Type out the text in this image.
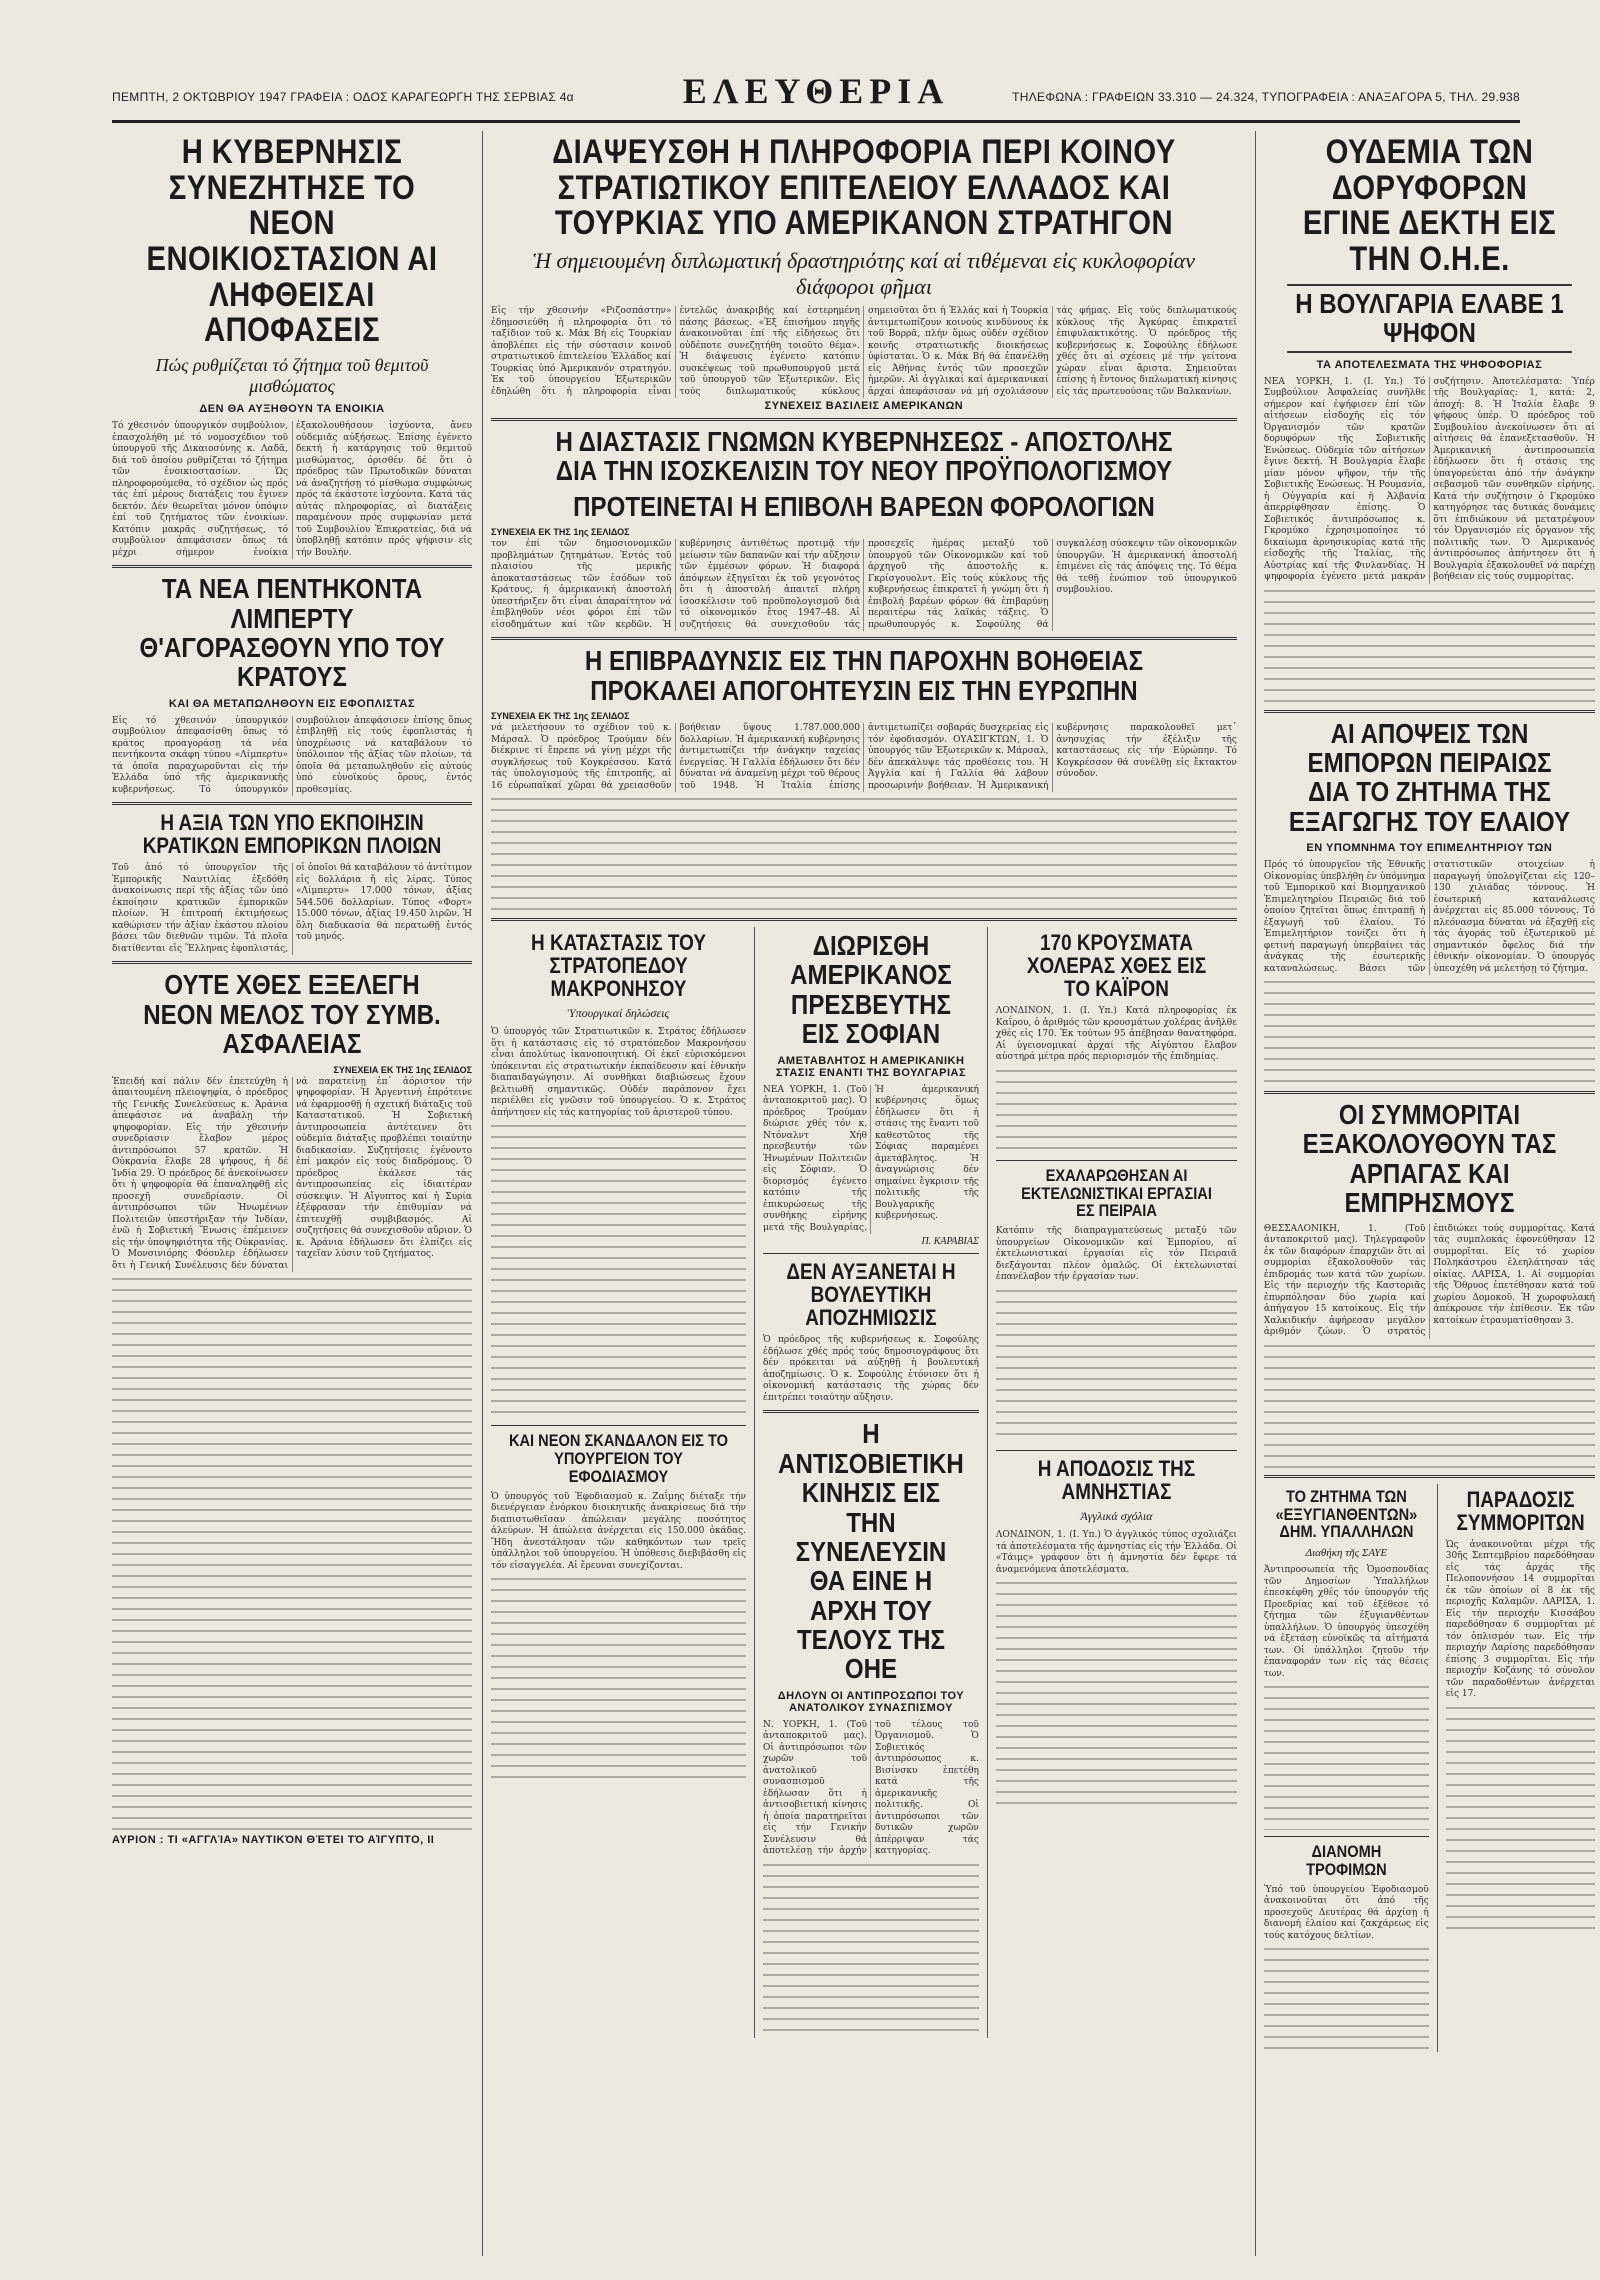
ΠΕΜΠΤΗ, 2 ΟΚΤΩΒΡΙΟΥ 1947 ΓΡΑΦΕΙΑ : ΟΔΟΣ ΚΑΡΑΓΕΩΡΓΗ ΤΗΣ ΣΕΡΒΙΑΣ 4α	ΕΛΕΥΘΕΡΙΑ	ΤΗΛΕΦΩΝΑ : ΓΡΑΦΕΙΩΝ 33.310 — 24.324, ΤΥΠΟΓΡΑΦΕΙΑ : ΑΝΑΞΑΓΟΡΑ 5, ΤΗΛ. 29.938
Η ΚΥΒΕΡΝΗΣΙΣ ΣΥΝΕΖΗΤΗΣΕ ΤΟ ΝΕΟΝ ΕΝΟΙΚΙΟΣΤΑΣΙΟΝ ΑΙ ΛΗΦΘΕΙΣΑΙ ΑΠΟΦΑΣΕΙΣ
Πώς ρυθμίζεται τό ζήτημα τοῦ θεμιτοῦ μισθώματος
ΔΕΝ ΘΑ ΑΥΞΗΘΟΥΝ ΤΑ ΕΝΟΙΚΙΑ

Τό χθεσινόν ὑπουργικόν συμβούλιον, ἐπασχολήθη μέ τό νομοσχέδιον τοῦ ὑπουργοῦ τῆς Δικαιοσύνης κ. Λαδᾶ, διά τοῦ ὁποίου ρυθμίζεται τό ζήτημα τῶν ἐνοικιοστασίων. Ὡς πληροφορούμεθα, τό σχέδιον ὡς πρός τάς ἐπί μέρους διατάξεις του ἔγινεν δεκτόν. Δέν θεωρεῖται μόνον ὑπόψιν ἐπί τοῦ ζητήματος τῶν ἐνοικίων. Κατόπιν μακρᾶς συζητήσεως, τό συμβούλιον ἀπεφάσισεν ὅπως τά μέχρι σήμερον ἐνοίκια ἐξακολουθήσουν ἰσχύοντα, ἄνευ οὐδεμιᾶς αὐξήσεως. Ἐπίσης ἐγένετο δεκτή ἡ κατάργησις τοῦ θεμιτοῦ μισθώματος, ὁρισθέν δέ ὅτι ὁ πρόεδρος τῶν Πρωτοδικῶν δύναται νά ἀναζητήσῃ τό μίσθωμα συμφώνως πρός τά ἐκάστοτε ἰσχύοντα. Κατά τάς αὐτάς πληροφορίας, αἱ διατάξεις παραμένουν πρός συμφωνίαν μετά τοῦ Συμβουλίου Ἐπικρατείας, διά νά ὑποβληθῇ κατόπιν πρός ψήφισιν εἰς τήν Βουλήν.

ΤΑ ΝΕΑ ΠΕΝΤΗΚΟΝΤΑ ΛΙΜΠΕΡΤΥ Θ'ΑΓΟΡΑΣΘΟΥΝ ΥΠΟ ΤΟΥ ΚΡΑΤΟΥΣ
ΚΑΙ ΘΑ ΜΕΤΑΠΩΛΗΘΟΥΝ ΕΙΣ ΕΦΟΠΛΙΣΤΑΣ

Εἰς τό χθεσινόν ὑπουργικόν συμβούλιον ἀπεφασίσθη ὅπως τό κράτος προαγοράσῃ τά νέα πεντήκοντα σκάφη τύπου «Λίμπερτυ» τά ὁποῖα παραχωροῦνται εἰς τήν Ἑλλάδα ὑπό τῆς ἀμερικανικῆς κυβερνήσεως. Τό ὑπουργικόν συμβούλιον ἀπεφάσισεν ἐπίσης ὅπως ἐπιβληθῇ εἰς τούς ἐφοπλιστάς ἡ ὑποχρέωσις νά καταβάλουν τό ὑπόλοιπον τῆς ἀξίας τῶν πλοίων, τά ὁποῖα θά μεταπωληθοῦν εἰς αὐτούς ὑπό εὐνοϊκούς ὅρους, ἐντός προθεσμίας.

Η ΑΞΙΑ ΤΩΝ ΥΠΟ ΕΚΠΟΙΗΣΙΝ ΚΡΑΤΙΚΩΝ ΕΜΠΟΡΙΚΩΝ ΠΛΟΙΩΝ

Τοῦ ἀπό τό ὑπουργεῖον τῆς Ἐμπορικῆς Ναυτιλίας ἐξεδόθη ἀνακοίνωσις περί τῆς ἀξίας τῶν ὑπό ἐκποίησιν κρατικῶν ἐμπορικῶν πλοίων. Ἡ ἐπιτροπή ἐκτιμήσεως καθώρισεν τήν ἀξίαν ἑκάστου πλοίου βάσει τῶν διεθνῶν τιμῶν. Τά πλοῖα διατίθενται εἰς Ἕλληνας ἐφοπλιστάς, οἱ ὁποῖοι θά καταβάλουν τό ἀντίτιμον εἰς δολλάρια ἤ εἰς λίρας. Τύπος «Λίμπερτυ» 17.000 τόνων, ἀξίας 544.506 δολλαρίων. Τύπος «Φορτ» 15.000 τόνων, ἀξίας 19.450 λιρῶν. Ἡ ὅλη διαδικασία θά περατωθῇ ἐντός τοῦ μηνός.

ΟΥΤΕ ΧΘΕΣ ΕΞΕΛΕΓΗ ΝΕΟΝ ΜΕΛΟΣ ΤΟΥ ΣΥΜΒ. ΑΣΦΑΛΕΙΑΣ
ΣΥΝΕΧΕΙΑ ΕΚ ΤΗΣ 1ης ΣΕΛΙΔΟΣ

Ἐπειδή καί πάλιν δέν ἐπετεύχθη ἡ ἀπαιτουμένη πλειοψηφία, ὁ πρόεδρος τῆς Γενικῆς Συνελεύσεως κ. Ἀράνια ἀπεφάσισε νά ἀναβάλῃ τήν ψηφοφορίαν. Εἰς τήν χθεσινήν συνεδρίασιν ἔλαβον μέρος ἀντιπρόσωποι 57 κρατῶν. Ἡ Οὐκρανία ἔλαβε 28 ψήφους, ἡ δέ Ἰνδία 29. Ὁ πρόεδρος δέ ἀνεκοίνωσεν ὅτι ἡ ψηφοφορία θά ἐπαναληφθῇ εἰς προσεχῆ συνεδρίασιν. Οἱ ἀντιπρόσωποι τῶν Ἡνωμένων Πολιτειῶν ὑπεστήριξαν τήν Ἰνδίαν, ἐνῶ ἡ Σοβιετική Ἕνωσις ἐπέμεινεν εἰς τήν ὑποψηφιότητα τῆς Οὐκρανίας. Ὁ Μονσινιόρης Φόουλερ ἐδήλωσεν ὅτι ἡ Γενική Συνέλευσις δέν δύναται νά παρατείνῃ ἐπ᾽ ἀόριστον τήν ψηφοφορίαν. Ἡ Ἀργεντινή ἐπρότεινε νά ἐφαρμοσθῇ ἡ σχετική διάταξις τοῦ Καταστατικοῦ. Ἡ Σοβιετική ἀντιπροσωπεία ἀντέτεινεν ὅτι οὐδεμία διάταξις προβλέπει τοιαύτην διαδικασίαν. Συζητήσεις ἐγένοντο ἐπί μακρόν εἰς τούς διαδρόμους. Ὁ πρόεδρος ἐκάλεσε τάς ἀντιπροσωπείας εἰς ἰδιαιτέραν σύσκεψιν. Ἡ Αἴγυπτος καί ἡ Συρία ἐξέφρασαν τήν ἐπιθυμίαν νά ἐπιτευχθῇ συμβιβασμός. Αἱ συζητήσεις θά συνεχισθοῦν αὔριον. Ὁ κ. Ἀράνια ἐδήλωσεν ὅτι ἐλπίζει εἰς ταχεῖαν λύσιν τοῦ ζητήματος.

ΑΥΡΙΟΝ : ΤΙ «ΑΓΓΛΊΑ» ΝΑΥΤΙΚΌΝ ΘΈΤΕΙ ΤΌ ΑἸΓΥΠΤΟ, II
ΔΙΑΨΕΥΣΘΗ Η ΠΛΗΡΟΦΟΡΙΑ ΠΕΡΙ ΚΟΙΝΟΥ ΣΤΡΑΤΙΩΤΙΚΟΥ ΕΠΙΤΕΛΕΙΟΥ ΕΛΛΑΔΟΣ ΚΑΙ ΤΟΥΡΚΙΑΣ ΥΠΟ ΑΜΕΡΙΚΑΝΟΝ ΣΤΡΑΤΗΓΟΝ
Ἡ σημειουμένη διπλωματική δραστηριότης καί αἱ τιθέμεναι εἰς κυκλοφορίαν διάφοροι φῆμαι

Εἰς τήν χθεσινήν «Ριζοσπάστην» ἐδημοσιεύθη ἡ πληροφορία ὅτι τό ταξίδιον τοῦ κ. Μάκ Βή εἰς Τουρκίαν ἀποβλέπει εἰς τήν σύστασιν κοινοῦ στρατιωτικοῦ ἐπιτελείου Ἑλλάδος καί Τουρκίας ὑπό Ἀμερικανόν στρατηγόν. Ἐκ τοῦ ὑπουργείου Ἐξωτερικῶν ἐδηλώθη ὅτι ἡ πληροφορία εἶναι ἐντελῶς ἀνακριβής καί ἐστερημένη πάσης βάσεως. «Ἐξ ἐπισήμου πηγῆς ἀνακοινοῦται ἐπί τῆς εἰδήσεως ὅτι οὐδέποτε συνεζητήθη τοιοῦτο θέμα». Ἡ διάψευσις ἐγένετο κατόπιν συσκέψεως τοῦ πρωθυπουργοῦ μετά τοῦ ὑπουργοῦ τῶν Ἐξωτερικῶν. Εἰς τούς διπλωματικούς κύκλους σημειοῦται ὅτι ἡ Ἑλλάς καί ἡ Τουρκία ἀντιμετωπίζουν κοινούς κινδύνους ἐκ τοῦ Βορρᾶ, πλήν ὅμως οὐδέν σχέδιον κοινῆς στρατιωτικῆς διοικήσεως ὑφίσταται. Ὁ κ. Μάκ Βή θά ἐπανέλθῃ εἰς Ἀθήνας ἐντός τῶν προσεχῶν ἡμερῶν. Αἱ ἀγγλικαί καί ἀμερικανικαί ἀρχαί ἀπεφάσισαν νά μή σχολιάσουν τάς φήμας. Εἰς τούς διπλωματικούς κύκλους τῆς Ἀγκύρας ἐπικρατεῖ ἐπιφυλακτικότης. Ὁ πρόεδρος τῆς κυβερνήσεως κ. Σοφούλης ἐδήλωσε χθές ὅτι αἱ σχέσεις μέ τήν γείτονα χώραν εἶναι ἄριστα. Σημειοῦται ἐπίσης ἡ ἔντονος διπλωματική κίνησις εἰς τάς πρωτευούσας τῶν Βαλκανίων.

ΣΥΝΕΧΕΙΣ ΒΑΣΙΛΕΙΣ ΑΜΕΡΙΚΑΝΩΝ
Η ΔΙΑΣΤΑΣΙΣ ΓΝΩΜΩΝ ΚΥΒΕΡΝΗΣΕΩΣ - ΑΠΟΣΤΟΛΗΣ ΔΙΑ ΤΗΝ ΙΣΟΣΚΕΛΙΣΙΝ ΤΟΥ ΝΕΟΥ ΠΡΟΫΠΟΛΟΓΙΣΜΟΥ
ΠΡΟΤΕΙΝΕΤΑΙ Η ΕΠΙΒΟΛΗ ΒΑΡΕΩΝ ΦΟΡΟΛΟΓΙΩΝ
ΣΥΝΕΧΕΙΑ ΕΚ ΤΗΣ 1ης ΣΕΛΙΔΟΣ

τον ἐπί τῶν δημοσιονομικῶν προβλημάτων ζητημάτων. Ἐντός τοῦ πλαισίου τῆς μερικῆς ἀποκαταστάσεως τῶν ἐσόδων τοῦ Κράτους, ἡ ἀμερικανική ἀποστολή ὑπεστήριξεν ὅτι εἶναι ἀπαραίτητον νά ἐπιβληθοῦν νέοι φόροι ἐπί τῶν εἰσοδημάτων καί τῶν κερδῶν. Ἡ κυβέρνησις ἀντιθέτως προτιμᾷ τήν μείωσιν τῶν δαπανῶν καί τήν αὔξησιν τῶν ἐμμέσων φόρων. Ἡ διαφορά ἀπόψεων ἐξηγεῖται ἐκ τοῦ γεγονότος ὅτι ἡ ἀποστολή ἀπαιτεῖ πλήρη ἰσοσκέλισιν τοῦ προϋπολογισμοῦ διά τό οἰκονομικόν ἔτος 1947–48. Αἱ συζητήσεις θά συνεχισθοῦν τάς προσεχεῖς ἡμέρας μεταξύ τοῦ ὑπουργοῦ τῶν Οἰκονομικῶν καί τοῦ ἀρχηγοῦ τῆς ἀποστολῆς κ. Γκρίσγουολντ. Εἰς τούς κύκλους τῆς κυβερνήσεως ἐπικρατεῖ ἡ γνώμη ὅτι ἡ ἐπιβολή βαρέων φόρων θά ἐπιβαρύνῃ περαιτέρω τάς λαϊκάς τάξεις. Ὁ πρωθυπουργός κ. Σοφούλης θά συγκαλέσῃ σύσκεψιν τῶν οἰκονομικῶν ὑπουργῶν. Ἡ ἀμερικανική ἀποστολή ἐπιμένει εἰς τάς ἀπόψεις της. Τό θέμα θά τεθῇ ἐνώπιον τοῦ ὑπουργικοῦ συμβουλίου.

Η ΕΠΙΒΡΑΔΥΝΣΙΣ ΕΙΣ ΤΗΝ ΠΑΡΟΧΗΝ ΒΟΗΘΕΙΑΣ ΠΡΟΚΑΛΕΙ ΑΠΟΓΟΗΤΕΥΣΙΝ ΕΙΣ ΤΗΝ ΕΥΡΩΠΗΝ
ΣΥΝΕΧΕΙΑ ΕΚ ΤΗΣ 1ης ΣΕΛΙΔΟΣ

νά μελετήσουν τό σχέδιον τοῦ κ. Μάρσαλ. Ὁ πρόεδρος Τρούμαν δέν διέκρινε τί ἔπρεπε νά γίνῃ μέχρι τῆς συγκλήσεως τοῦ Κογκρέσσου. Κατά τάς ὑπολογισμούς τῆς ἐπιτροπῆς, αἱ 16 εὐρωπαϊκαί χῶραι θά χρειασθοῦν βοήθειαν ὕψους 1.787.000.000 δολλαρίων. Ἡ ἀμερικανική κυβέρνησις ἀντιμετωπίζει τήν ἀνάγκην ταχείας ἐνεργείας. Ἡ Γαλλία ἐδήλωσεν ὅτι δέν δύναται νά ἀναμείνῃ μέχρι τοῦ θέρους τοῦ 1948. Ἡ Ἰταλία ἐπίσης ἀντιμετωπίζει σοβαράς δυσχερείας εἰς τόν ἐφοδιασμόν. ΟΥΑΣΙΓΚΤΩΝ, 1. Ὁ ὑπουργός τῶν Ἐξωτερικῶν κ. Μάρσαλ, δέν ἀπεκάλυψε τάς προθέσεις του. Ἡ Ἀγγλία καί ἡ Γαλλία θά λάβουν προσωρινήν βοήθειαν. Ἡ Ἀμερικανική κυβέρνησις παρακολουθεῖ μετ᾽ ἀνησυχίας τήν ἐξέλιξιν τῆς καταστάσεως εἰς τήν Εὐρώπην. Τό Κογκρέσσον θά συνέλθῃ εἰς ἔκτακτον σύνοδον.

Η ΚΑΤΑΣΤΑΣΙΣ ΤΟΥ ΣΤΡΑΤΟΠΕΔΟΥ ΜΑΚΡΟΝΗΣΟΥ
Ὑπουργικαί δηλώσεις

Ὁ ὑπουργός τῶν Στρατιωτικῶν κ. Στράτος ἐδήλωσεν ὅτι ἡ κατάστασις εἰς τό στρατόπεδον Μακρονήσου εἶναι ἀπολύτως ἱκανοποιητική. Οἱ ἐκεῖ εὑρισκόμενοι ὑπόκεινται εἰς στρατιωτικήν ἐκπαίδευσιν καί ἐθνικήν διαπαιδαγώγησιν. Αἱ συνθῆκαι διαβιώσεως ἔχουν βελτιωθῆ σημαντικῶς. Οὐδέν παράπονον ἔχει περιέλθει εἰς γνῶσιν τοῦ ὑπουργείου. Ὁ κ. Στράτος ἀπήντησεν εἰς τάς κατηγορίας τοῦ ἀριστεροῦ τύπου.

ΚΑΙ ΝΕΟΝ ΣΚΑΝΔΑΛΟΝ ΕΙΣ ΤΟ ΥΠΟΥΡΓΕΙΟΝ ΤΟΥ ΕΦΟΔΙΑΣΜΟΥ

Ὁ ὑπουργός τοῦ Ἐφοδιασμοῦ κ. Ζαΐμης διέταξε τήν διενέργειαν ἐνόρκου διοικητικῆς ἀνακρίσεως διά τήν διαπιστωθεῖσαν ἀπώλειαν μεγάλης ποσότητος ἀλεύρων. Ἡ ἀπώλεια ἀνέρχεται εἰς 150.000 ὀκάδας. Ἤδη ἀνεστάλησαν τῶν καθηκόντων των τρεῖς ὑπάλληλοι τοῦ ὑπουργείου. Ἡ ὑπόθεσις διεβιβάσθη εἰς τόν εἰσαγγελέα. Αἱ ἔρευναι συνεχίζονται.

ΔΙΩΡΙΣΘΗ ΑΜΕΡΙΚΑΝΟΣ ΠΡΕΣΒΕΥΤΗΣ ΕΙΣ ΣΟΦΙΑΝ
ΑΜΕΤΑΒΛΗΤΟΣ Η ΑΜΕΡΙΚΑΝΙΚΗ ΣΤΑΣΙΣ ΕΝΑΝΤΙ ΤΗΣ ΒΟΥΛΓΑΡΙΑΣ

ΝΕΑ ΥΟΡΚΗ, 1. (Τοῦ ἀνταποκριτοῦ μας). Ὁ πρόεδρος Τρούμαν διώρισε χθές τόν κ. Ντόναλντ Χήθ πρεσβευτήν τῶν Ἡνωμένων Πολιτειῶν εἰς Σόφιαν. Ὁ διορισμός ἐγένετο κατόπιν τῆς ἐπικυρώσεως τῆς συνθήκης εἰρήνης μετά τῆς Βουλγαρίας. Ἡ ἀμερικανική κυβέρνησις ὅμως ἐδήλωσεν ὅτι ἡ στάσις της ἔναντι τοῦ καθεστῶτος τῆς Σόφιας παραμένει ἀμετάβλητος. Ἡ ἀναγνώρισις δέν σημαίνει ἔγκρισιν τῆς πολιτικῆς τῆς Βουλγαρικῆς κυβερνήσεως.

Π. ΚΑΡΑΒΙΑΣ
ΔΕΝ ΑΥΞΑΝΕΤΑΙ Η ΒΟΥΛΕΥΤΙΚΗ ΑΠΟΖΗΜΙΩΣΙΣ

Ὁ πρόεδρος τῆς κυβερνήσεως κ. Σοφούλης ἐδήλωσε χθές πρός τούς δημοσιογράφους ὅτι δέν πρόκειται νά αὐξηθῇ ἡ βουλευτική ἀποζημίωσις. Ὁ κ. Σοφούλης ἐτόνισεν ὅτι ἡ οἰκονομική κατάστασις τῆς χώρας δέν ἐπιτρέπει τοιαύτην αὔξησιν.

Η ΑΝΤΙΣΟΒΙΕΤΙΚΗ ΚΙΝΗΣΙΣ ΕΙΣ ΤΗΝ ΣΥΝΕΛΕΥΣΙΝ ΘΑ ΕΙΝΕ Η ΑΡΧΗ ΤΟΥ ΤΕΛΟΥΣ ΤΗΣ ΟΗΕ
ΔΗΛΟΥΝ ΟΙ ΑΝΤΙΠΡΟΣΩΠΟΙ ΤΟΥ ΑΝΑΤΟΛΙΚΟΥ ΣΥΝΑΣΠΙΣΜΟΥ

Ν. ΥΟΡΚΗ, 1. (Τοῦ ἀνταποκριτοῦ μας). Οἱ ἀντιπρόσωποι τῶν χωρῶν τοῦ ἀνατολικοῦ συνασπισμοῦ ἐδήλωσαν ὅτι ἡ ἀντισοβιετική κίνησις ἡ ὁποία παρατηρεῖται εἰς τήν Γενικήν Συνέλευσιν θά ἀποτελέσῃ τήν ἀρχήν τοῦ τέλους τοῦ Ὀργανισμοῦ. Ὁ Σοβιετικός ἀντιπρόσωπος κ. Βισίνσκυ ἐπετέθη κατά τῆς ἀμερικανικῆς πολιτικῆς. Οἱ ἀντιπρόσωποι τῶν δυτικῶν χωρῶν ἀπέρριψαν τάς κατηγορίας.

170 ΚΡΟΥΣΜΑΤΑ ΧΟΛΕΡΑΣ ΧΘΕΣ ΕΙΣ ΤΟ ΚΑΪΡΟΝ

ΛΟΝΔΙΝΟΝ, 1. (Ι. Υπ.) Κατά πληροφορίας ἐκ Καΐρου, ὁ ἀριθμός τῶν κρουσμάτων χολέρας ἀνῆλθε χθές εἰς 170. Ἐκ τούτων 95 ἀπέβησαν θανατηφόρα. Αἱ ὑγειονομικαί ἀρχαί τῆς Αἰγύπτου ἔλαβον αὐστηρά μέτρα πρός περιορισμόν τῆς ἐπιδημίας.

ΕΧΑΛΑΡΩΘΗΣΑΝ ΑΙ ΕΚΤΕΛΩΝΙΣΤΙΚΑΙ ΕΡΓΑΣΙΑΙ ΕΣ ΠΕΙΡΑΙΑ

Κατόπιν τῆς διαπραγματεύσεως μεταξύ τῶν ὑπουργείων Οἰκονομικῶν καί Ἐμπορίου, αἱ ἐκτελωνιστικαί ἐργασίαι εἰς τόν Πειραιᾶ διεξάγονται πλέον ὁμαλῶς. Οἱ ἐκτελωνισταί ἐπανέλαβον τήν ἐργασίαν των.

Η ΑΠΟΔΟΣΙΣ ΤΗΣ ΑΜΝΗΣΤΙΑΣ
Ἀγγλικά σχόλια

ΛΟΝΔΙΝΟΝ, 1. (Ι. Υπ.) Ὁ ἀγγλικός τύπος σχολιάζει τά ἀποτελέσματα τῆς ἀμνηστίας εἰς τήν Ἑλλάδα. Οἱ «Τάιμς» γράφουν ὅτι ἡ ἀμνηστία δέν ἔφερε τά ἀναμενόμενα ἀποτελέσματα.

ΟΥΔΕΜΙΑ ΤΩΝ ΔΟΡΥΦΟΡΩΝ ΕΓΙΝΕ ΔΕΚΤΗ ΕΙΣ ΤΗΝ Ο.Η.Ε.
Η ΒΟΥΛΓΑΡΙΑ ΕΛΑΒΕ 1 ΨΗΦΟΝ
ΤΑ ΑΠΟΤΕΛΕΣΜΑΤΑ ΤΗΣ ΨΗΦΟΦΟΡΙΑΣ

ΝΕΑ ΥΟΡΚΗ, 1. (Ι. Υπ.) Τό Συμβούλιον Ἀσφαλείας συνῆλθε σήμερον καί ἐψήφισεν ἐπί τῶν αἰτήσεων εἰσδοχῆς εἰς τόν Ὀργανισμόν τῶν κρατῶν δορυφόρων τῆς Σοβιετικῆς Ἑνώσεως. Οὐδεμία τῶν αἰτήσεων ἔγινε δεκτή. Ἡ Βουλγαρία ἔλαβε μίαν μόνον ψῆφον, τήν τῆς Σοβιετικῆς Ἑνώσεως. Ἡ Ρουμανία, ἡ Οὐγγαρία καί ἡ Ἀλβανία ἀπερρίφθησαν ἐπίσης. Ὁ Σοβιετικός ἀντιπρόσωπος κ. Γκρομύκο ἐχρησιμοποίησε τό δικαίωμα ἀρνησικυρίας κατά τῆς εἰσδοχῆς τῆς Ἰταλίας, τῆς Αὐστρίας καί τῆς Φινλανδίας. Ἡ ψηφοφορία ἐγένετο μετά μακράν συζήτησιν. Ἀποτελέσματα: Ὑπέρ τῆς Βουλγαρίας: 1, κατά: 2, ἀποχή: 8. Ἡ Ἰταλία ἔλαβε 9 ψήφους ὑπέρ. Ὁ πρόεδρος τοῦ Συμβουλίου ἀνεκοίνωσεν ὅτι αἱ αἰτήσεις θά ἐπανεξετασθοῦν. Ἡ Ἀμερικανική ἀντιπροσωπεία ἐδήλωσεν ὅτι ἡ στάσις της ὑπαγορεύεται ἀπό τήν ἀνάγκην σεβασμοῦ τῶν συνθηκῶν εἰρήνης. Κατά τήν συζήτησιν ὁ Γκρομύκο κατηγόρησε τάς δυτικάς δυνάμεις ὅτι ἐπιδιώκουν νά μετατρέψουν τόν Ὀργανισμόν εἰς ὄργανον τῆς πολιτικῆς των. Ὁ Ἀμερικανός ἀντιπρόσωπος ἀπήντησεν ὅτι ἡ Βουλγαρία ἐξακολουθεῖ νά παρέχῃ βοήθειαν εἰς τούς συμμορίτας.

ΑΙ ΑΠΟΨΕΙΣ ΤΩΝ ΕΜΠΟΡΩΝ ΠΕΙΡΑΙΩΣ ΔΙΑ ΤΟ ΖΗΤΗΜΑ ΤΗΣ ΕΞΑΓΩΓΗΣ ΤΟΥ ΕΛΑΙΟΥ
ΕΝ ΥΠΟΜΝΗΜΑ ΤΟΥ ΕΠΙΜΕΛΗΤΗΡΙΟΥ ΤΩΝ

Πρός τό ὑπουργεῖον τῆς Ἐθνικῆς Οἰκονομίας ὑπεβλήθη ἐν ὑπόμνημα τοῦ Ἐμπορικοῦ καί Βιομηχανικοῦ Ἐπιμελητηρίου Πειραιῶς διά τοῦ ὁποίου ζητεῖται ὅπως ἐπιτραπῇ ἡ ἐξαγωγή τοῦ ἐλαίου. Τό Ἐπιμελητήριον τονίζει ὅτι ἡ φετινή παραγωγή ὑπερβαίνει τάς ἀνάγκας τῆς ἐσωτερικῆς καταναλώσεως. Βάσει τῶν στατιστικῶν στοιχείων ἡ παραγωγή ὑπολογίζεται εἰς 120–130 χιλιάδας τόννους. Ἡ ἐσωτερική κατανάλωσις ἀνέρχεται εἰς 85.000 τόννους. Τό πλεόνασμα δύναται νά ἐξαχθῇ εἰς τάς ἀγοράς τοῦ ἐξωτερικοῦ μέ σημαντικόν ὄφελος διά τήν ἐθνικήν οἰκονομίαν. Ὁ ὑπουργός ὑπεσχέθη νά μελετήσῃ τό ζήτημα.

ΟΙ ΣΥΜΜΟΡΙΤΑΙ ΕΞΑΚΟΛΟΥΘΟΥΝ ΤΑΣ ΑΡΠΑΓΑΣ ΚΑΙ ΕΜΠΡΗΣΜΟΥΣ

ΘΕΣΣΑΛΟΝΙΚΗ, 1. (Τοῦ ἀνταποκριτοῦ μας). Τηλεγραφοῦν ἐκ τῶν διαφόρων ἐπαρχιῶν ὅτι αἱ συμμορίαι ἐξακολουθοῦν τάς ἐπιδρομάς των κατά τῶν χωρίων. Εἰς τήν περιοχήν τῆς Καστοριᾶς ἐπυρπόλησαν δύο χωρία καί ἀπήγαγον 15 κατοίκους. Εἰς τήν Χαλκιδικήν ἀφήρεσαν μεγάλον ἀριθμόν ζώων. Ὁ στρατός ἐπιδιώκει τούς συμμορίτας. Κατά τάς συμπλοκάς ἐφονεύθησαν 12 συμμορῖται. Εἰς τό χωρίον Ποληκάστρου ἐλεηλάτησαν τάς οἰκίας. ΛΑΡΙΣΑ, 1. Αἱ συμμορίαι τῆς Ὄθρυος ἐπετέθησαν κατά τοῦ χωρίου Δομοκοῦ. Ἡ χωροφυλακή ἀπέκρουσε τήν ἐπίθεσιν. Ἐκ τῶν κατοίκων ἐτραυματίσθησαν 3.

ΤΟ ΖΗΤΗΜΑ ΤΩΝ «ΕΞΥΓΙΑΝΘΕΝΤΩΝ» ΔΗΜ. ΥΠΑΛΛΗΛΩΝ
Διαθήκη τῆς ΣΑΥΕ

Ἀντιπροσωπεία τῆς Ὁμοσπονδίας τῶν Δημοσίων Ὑπαλλήλων ἐπεσκέφθη χθές τόν ὑπουργόν τῆς Προεδρίας καί τοῦ ἐξέθεσε τό ζήτημα τῶν ἐξυγιανθέντων ὑπαλλήλων. Ὁ ὑπουργός ὑπεσχέθη νά ἐξετάσῃ εὐνοϊκῶς τά αἰτήματά των. Οἱ ὑπάλληλοι ζητοῦν τήν ἐπαναφοράν των εἰς τάς θέσεις των.

ΔΙΑΝΟΜΗ ΤΡΟΦΙΜΩΝ

Ὑπό τοῦ ὑπουργείου Ἐφοδιασμοῦ ἀνακοινοῦται ὅτι ἀπό τῆς προσεχοῦς Δευτέρας θά ἀρχίσῃ ἡ διανομή ἐλαίου καί ζακχάρεως εἰς τούς κατόχους δελτίων.

ΠΑΡΑΔΟΣΙΣ ΣΥΜΜΟΡΙΤΩΝ

Ὡς ἀνακοινοῦται μέχρι τῆς 30ῆς Σεπτεμβρίου παρεδόθησαν εἰς τάς ἀρχάς τῆς Πελοποννήσου 14 συμμορῖται ἐκ τῶν ὁποίων οἱ 8 ἐκ τῆς περιοχῆς Καλαμῶν. ΛΑΡΙΣΑ, 1. Εἰς τήν περιοχήν Κισσάβου παρεδόθησαν 6 συμμορῖται μέ τόν ὁπλισμόν των. Εἰς τήν περιοχήν Λαρίσης παρεδόθησαν ἐπίσης 3 συμμορῖται. Εἰς τήν περιοχήν Κοζάνης τό σύνολον τῶν παραδοθέντων ἀνέρχεται εἰς 17.
